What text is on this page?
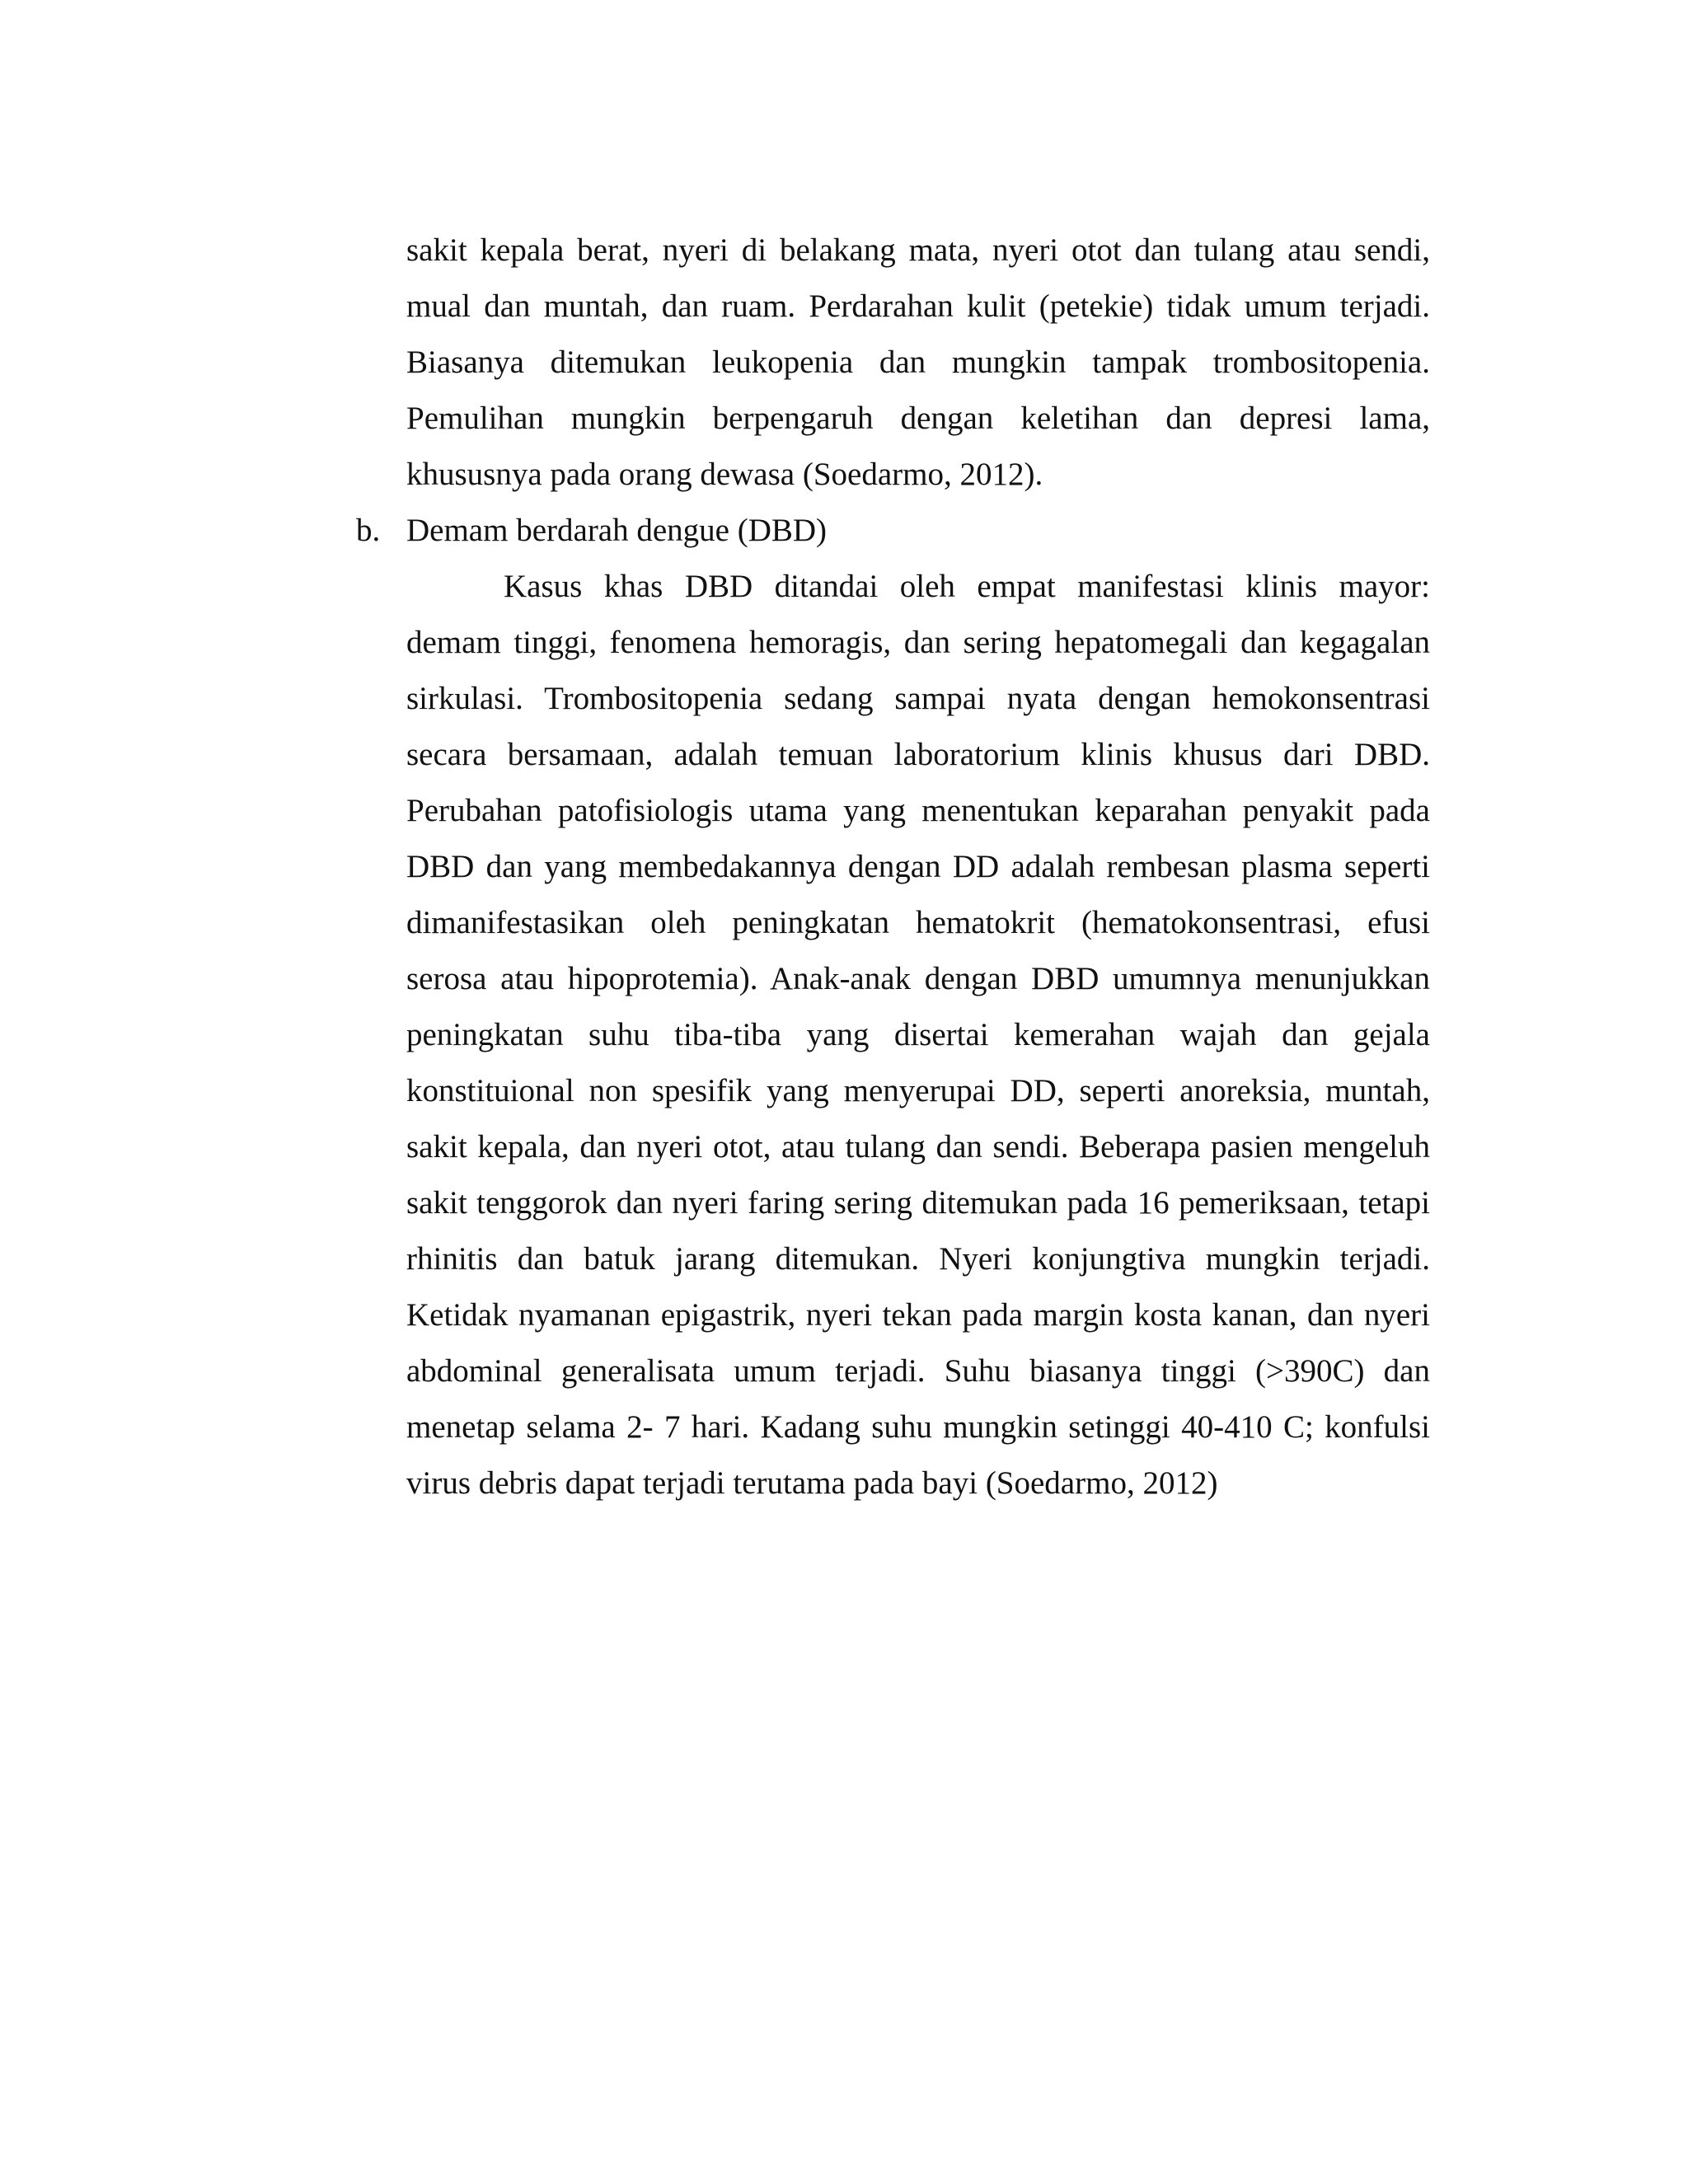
sakit kepala berat, nyeri di belakang mata, nyeri otot dan tulang atau sendi,
mual dan muntah, dan ruam. Perdarahan kulit (petekie) tidak umum terjadi.
Biasanya ditemukan leukopenia dan mungkin tampak trombositopenia.
Pemulihan mungkin berpengaruh dengan keletihan dan depresi lama,
khususnya pada orang dewasa (Soedarmo, 2012).
b. Demam berdarah dengue (DBD)
Kasus khas DBD ditandai oleh empat manifestasi klinis mayor:
demam tinggi, fenomena hemoragis, dan sering hepatomegali dan kegagalan
sirkulasi. Trombositopenia sedang sampai nyata dengan hemokonsentrasi
secara bersamaan, adalah temuan laboratorium klinis khusus dari DBD.
Perubahan patofisiologis utama yang menentukan keparahan penyakit pada
DBD dan yang membedakannya dengan DD adalah rembesan plasma seperti
dimanifestasikan oleh peningkatan hematokrit (hematokonsentrasi, efusi
serosa atau hipoprotemia). Anak-anak dengan DBD umumnya menunjukkan
peningkatan suhu tiba-tiba yang disertai kemerahan wajah dan gejala
konstituional non spesifik yang menyerupai DD, seperti anoreksia, muntah,
sakit kepala, dan nyeri otot, atau tulang dan sendi. Beberapa pasien mengeluh
sakit tenggorok dan nyeri faring sering ditemukan pada 16 pemeriksaan, tetapi
rhinitis dan batuk jarang ditemukan. Nyeri konjungtiva mungkin terjadi.
Ketidak nyamanan epigastrik, nyeri tekan pada margin kosta kanan, dan nyeri
abdominal generalisata umum terjadi. Suhu biasanya tinggi (>390C) dan
menetap selama 2- 7 hari. Kadang suhu mungkin setinggi 40-410 C; konfulsi
virus debris dapat terjadi terutama pada bayi (Soedarmo, 2012)
